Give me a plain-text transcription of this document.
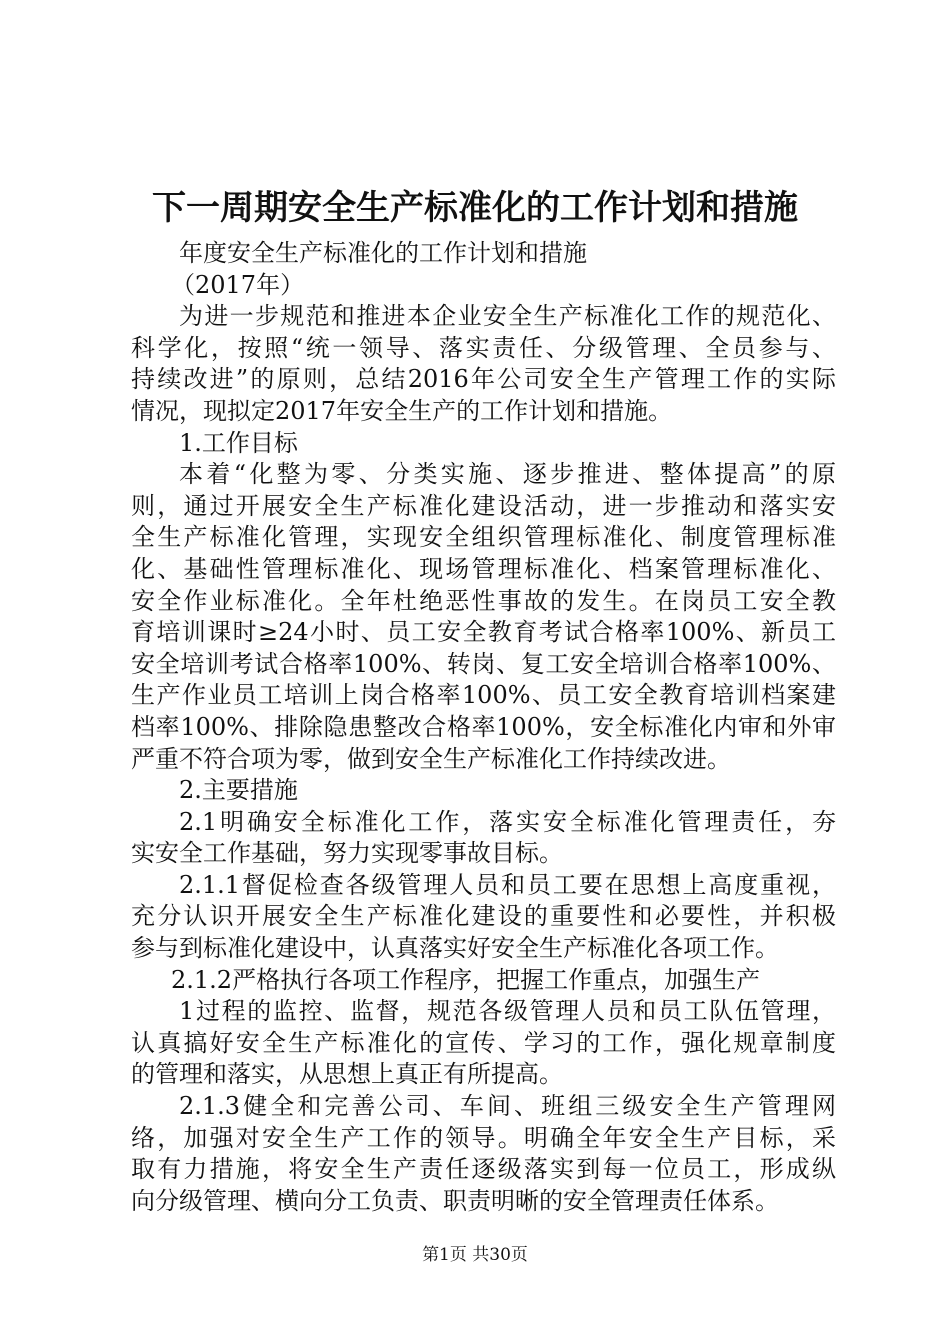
下一周期安全生产标准化的工作计划和措施
年度安全生产标准化的工作计划和措施
（2017年）
为进一步规范和推进本企业安全生产标准化工作的规范化、
科学化，按照“统一领导、落实责任、分级管理、全员参与、
持续改进”的原则，总结2016年公司安全生产管理工作的实际
情况，现拟定2017年安全生产的工作计划和措施。
1.工作目标
本着“化整为零、分类实施、逐步推进、整体提高”的原
则，通过开展安全生产标准化建设活动，进一步推动和落实安
全生产标准化管理，实现安全组织管理标准化、制度管理标准
化、基础性管理标准化、现场管理标准化、档案管理标准化、
安全作业标准化。全年杜绝恶性事故的发生。在岗员工安全教
育培训课时≥24小时、员工安全教育考试合格率100%、新员工
安全培训考试合格率100%、转岗、复工安全培训合格率100%、
生产作业员工培训上岗合格率100%、员工安全教育培训档案建
档率100%、排除隐患整改合格率100%，安全标准化内审和外审
严重不符合项为零，做到安全生产标准化工作持续改进。
2.主要措施
2.1明确安全标准化工作，落实安全标准化管理责任，夯
实安全工作基础，努力实现零事故目标。
2.1.1督促检查各级管理人员和员工要在思想上高度重视，
充分认识开展安全生产标准化建设的重要性和必要性，并积极
参与到标准化建设中，认真落实好安全生产标准化各项工作。
2.1.2严格执行各项工作程序，把握工作重点，加强生产
1过程的监控、监督，规范各级管理人员和员工队伍管理，
认真搞好安全生产标准化的宣传、学习的工作，强化规章制度
的管理和落实，从思想上真正有所提高。
2.1.3健全和完善公司、车间、班组三级安全生产管理网
络，加强对安全生产工作的领导。明确全年安全生产目标，采
取有力措施，将安全生产责任逐级落实到每一位员工，形成纵
向分级管理、横向分工负责、职责明晰的安全管理责任体系。
第1页 共30页
